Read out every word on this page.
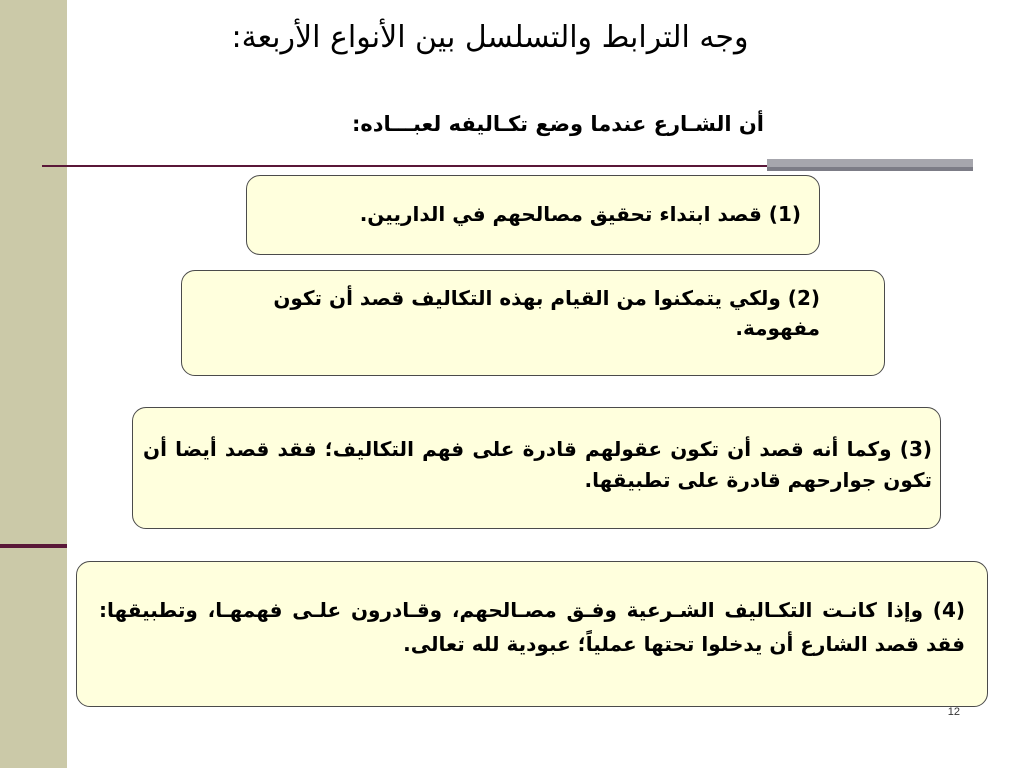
وجه الترابط والتسلسل بين الأنواع الأربعة:
أن الشـارع عندما وضع تكـاليفه لعبـــاده:

(1) قصد ابتداء تحقيق مصالحهم في الداريين.

(2) ولكي يتمكنوا من القيام بهذه التكاليف قصد أن تكون مفهومة.

(3) وكما أنه قصد أن تكون عقولهم قادرة على فهم التكاليف؛ فقد قصد أيضا أن تكون جوارحهم قادرة على تطبيقها.

(4) وإذا كانـت التكـاليف الشـرعية وفـق مصـالحهم، وقـادرون علـى فهمهـا، وتطبيقها: فقد قصد الشارع أن يدخلوا تحتها عملياً؛ عبودية لله تعالى.

12
